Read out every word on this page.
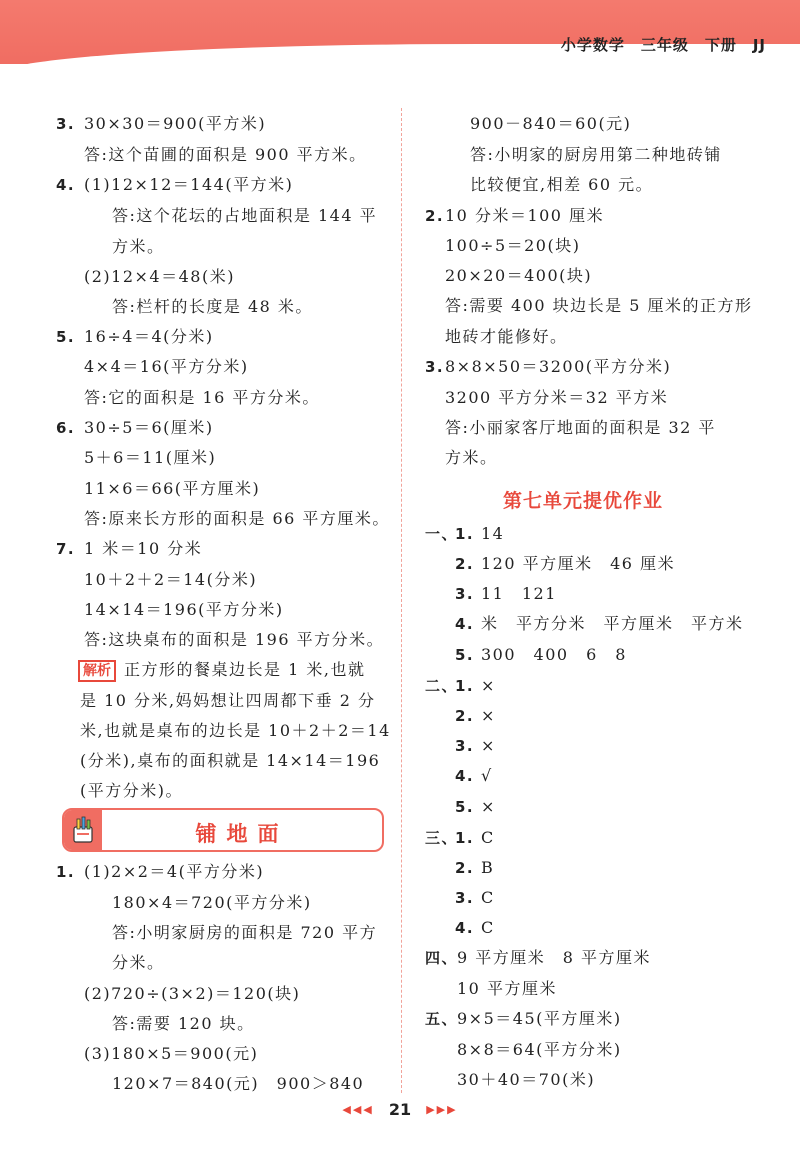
小学数学　三年级　下册　JJ
3. 30×30＝900(平方米)
答:这个苗圃的面积是 900 平方米。
4. (1)12×12＝144(平方米)
答:这个花坛的占地面积是 144 平
方米。
(2)12×4＝48(米)
答:栏杆的长度是 48 米。
5. 16÷4＝4(分米)
4×4＝16(平方分米)
答:它的面积是 16 平方分米。
6. 30÷5＝6(厘米)
5＋6＝11(厘米)
11×6＝66(平方厘米)
答:原来长方形的面积是 66 平方厘米。
7. 1 米＝10 分米
10＋2＋2＝14(分米)
14×14＝196(平方分米)
答:这块桌布的面积是 196 平方分米。
解析 正方形的餐桌边长是 1 米,也就
是 10 分米,妈妈想让四周都下垂 2 分
米,也就是桌布的边长是 10＋2＋2＝14
(分米),桌布的面积就是 14×14＝196
(平方分米)。
铺地面
1. (1)2×2＝4(平方分米)
180×4＝720(平方分米)
答:小明家厨房的面积是 720 平方
分米。
(2)720÷(3×2)＝120(块)
答:需要 120 块。
(3)180×5＝900(元)
120×7＝840(元)　900＞840
900－840＝60(元)
答:小明家的厨房用第二种地砖铺
比较便宜,相差 60 元。
2.10 分米＝100 厘米
100÷5＝20(块)
20×20＝400(块)
答:需要 400 块边长是 5 厘米的正方形
地砖才能修好。
3.8×8×50＝3200(平方分米)
3200 平方分米＝32 平方米
答:小丽家客厅地面的面积是 32 平
方米。
第七单元提优作业
一、1. 14
2. 120 平方厘米　46 厘米
3. 11　121
4. 米　平方分米　平方厘米　平方米
5. 300　400　6　8
二、1. ×
2. ×
3. ×
4. √
5. ×
三、1. C
2. B
3. C
4. C
四、9 平方厘米　8 平方厘米
10 平方厘米
五、9×5＝45(平方厘米)
8×8＝64(平方分米)
30＋40＝70(米)
◀◀◀ 21 ▶▶▶
